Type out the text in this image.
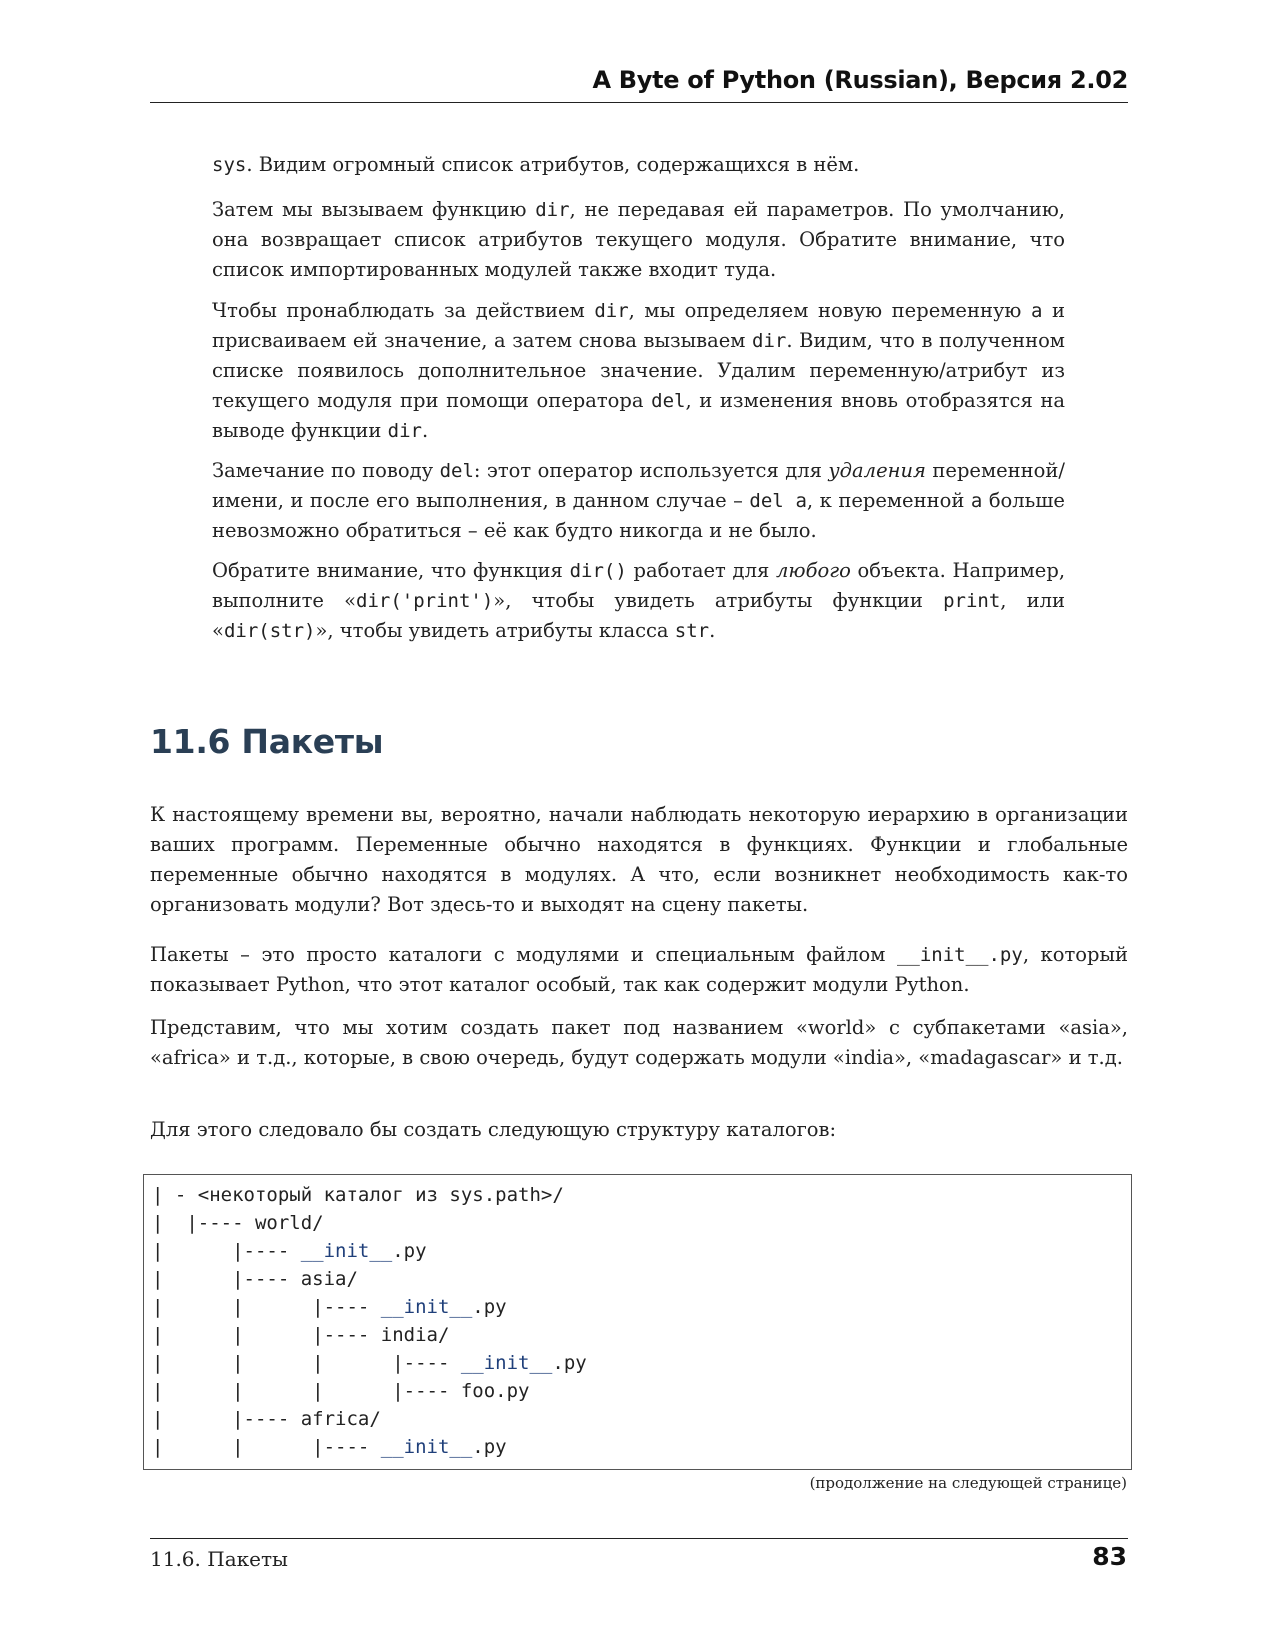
A Byte of Python (Russian), Версия 2.02

sys. Видим огромный список атрибутов, содержащихся в нём.

Затем мы вызываем функцию dir, не передавая ей параметров. По умолчанию, она возвращает список атрибутов текущего модуля. Обратите внимание, что список импортированных модулей также входит туда.

Чтобы пронаблюдать за действием dir, мы определяем новую переменную a и присваиваем ей значение, а затем снова вызываем dir. Видим, что в полученном списке появилось дополнительное значение. Удалим переменную/атрибут из текущего модуля при помощи оператора del, и изменения вновь отобразятся на выводе функции dir.

Замечание по поводу del: этот оператор используется для удаления переменной/имени, и после его выполнения, в данном случае – del a, к переменной a больше невозможно обратиться – её как будто никогда и не было.

Обратите внимание, что функция dir() работает для любого объекта. Например, выполните «dir('print')», чтобы увидеть атрибуты функции print, или «dir(str)», чтобы увидеть атрибуты класса str.

11.6 Пакеты

К настоящему времени вы, вероятно, начали наблюдать некоторую иерархию в организации ваших программ. Переменные обычно находятся в функциях. Функции и глобальные переменные обычно находятся в модулях. А что, если возникнет необходимость как-то организовать модули? Вот здесь-то и выходят на сцену пакеты.

Пакеты – это просто каталоги с модулями и специальным файлом __init__.py, который показывает Python, что этот каталог особый, так как содержит модули Python.

Представим, что мы хотим создать пакет под названием «world» с субпакетами «asia», «africa» и т.д., которые, в свою очередь, будут содержать модули «india», «madagascar» и т.д.

Для этого следовало бы создать следующую структуру каталогов:

| - <некоторый каталог из sys.path>/
|  |---- world/
|      |---- __init__.py
|      |---- asia/
|      |      |---- __init__.py
|      |      |---- india/
|      |      |      |---- __init__.py
|      |      |      |---- foo.py
|      |---- africa/
|      |      |---- __init__.py
(продолжение на следующей странице)
11.6. Пакеты	83
